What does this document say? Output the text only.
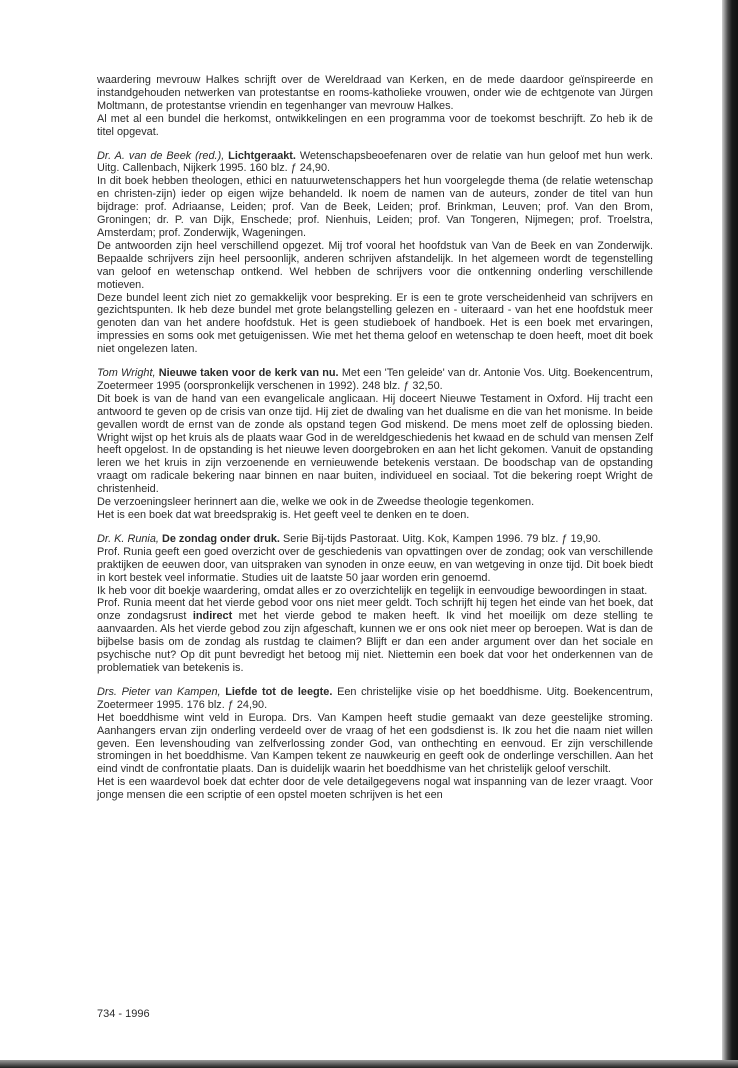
waardering mevrouw Halkes schrijft over de Wereldraad van Kerken, en de mede daardoor geïnspireerde en instandgehouden netwerken van protestantse en rooms-katholieke vrouwen, onder wie de echtgenote van Jürgen Moltmann, de protestantse vriendin en tegenhanger van mevrouw Halkes.

Al met al een bundel die herkomst, ontwikkelingen en een programma voor de toekomst beschrijft. Zo heb ik de titel opgevat.

Dr. A. van de Beek (red.), Lichtgeraakt. Wetenschapsbeoefenaren over de relatie van hun geloof met hun werk. Uitg. Callenbach, Nijkerk 1995. 160 blz. ƒ 24,90.

In dit boek hebben theologen, ethici en natuurwetenschappers het hun voorgelegde thema (de relatie wetenschap en christen-zijn) ieder op eigen wijze behandeld. Ik noem de namen van de auteurs, zonder de titel van hun bijdrage: prof. Adriaanse, Leiden; prof. Van de Beek, Leiden; prof. Brinkman, Leuven; prof. Van den Brom, Groningen; dr. P. van Dijk, Enschede; prof. Nienhuis, Leiden; prof. Van Tongeren, Nijmegen; prof. Troelstra, Amsterdam; prof. Zonderwijk, Wageningen.

De antwoorden zijn heel verschillend opgezet. Mij trof vooral het hoofdstuk van Van de Beek en van Zonderwijk. Bepaalde schrijvers zijn heel persoonlijk, anderen schrijven afstandelijk. In het algemeen wordt de tegenstelling van geloof en wetenschap ontkend. Wel hebben de schrijvers voor die ontkenning onderling verschillende motieven.

Deze bundel leent zich niet zo gemakkelijk voor bespreking. Er is een te grote verscheidenheid van schrijvers en gezichtspunten. Ik heb deze bundel met grote belangstelling gelezen en - uiteraard - van het ene hoofdstuk meer genoten dan van het andere hoofdstuk. Het is geen studieboek of handboek. Het is een boek met ervaringen, impressies en soms ook met getuigenissen. Wie met het thema geloof en wetenschap te doen heeft, moet dit boek niet ongelezen laten.

Tom Wright, Nieuwe taken voor de kerk van nu. Met een 'Ten geleide' van dr. Antonie Vos. Uitg. Boekencentrum, Zoetermeer 1995 (oorspronkelijk verschenen in 1992). 248 blz. ƒ 32,50.

Dit boek is van de hand van een evangelicale anglicaan. Hij doceert Nieuwe Testament in Oxford. Hij tracht een antwoord te geven op de crisis van onze tijd. Hij ziet de dwaling van het dualisme en die van het monisme. In beide gevallen wordt de ernst van de zonde als opstand tegen God miskend. De mens moet zelf de oplossing bieden. Wright wijst op het kruis als de plaats waar God in de wereldgeschiedenis het kwaad en de schuld van mensen Zelf heeft opgelost. In de opstanding is het nieuwe leven doorgebroken en aan het licht gekomen. Vanuit de opstanding leren we het kruis in zijn verzoenende en vernieuwende betekenis verstaan. De boodschap van de opstanding vraagt om radicale bekering naar binnen en naar buiten, individueel en sociaal. Tot die bekering roept Wright de christenheid.

De verzoeningsleer herinnert aan die, welke we ook in de Zweedse theologie tegenkomen.

Het is een boek dat wat breedsprakig is. Het geeft veel te denken en te doen.

Dr. K. Runia, De zondag onder druk. Serie Bij-tijds Pastoraat. Uitg. Kok, Kampen 1996. 79 blz. ƒ 19,90.

Prof. Runia geeft een goed overzicht over de geschiedenis van opvattingen over de zondag; ook van verschillende praktijken de eeuwen door, van uitspraken van synoden in onze eeuw, en van wetgeving in onze tijd. Dit boek biedt in kort bestek veel informatie. Studies uit de laatste 50 jaar worden erin genoemd.

Ik heb voor dit boekje waardering, omdat alles er zo overzichtelijk en tegelijk in eenvoudige bewoordingen in staat.

Prof. Runia meent dat het vierde gebod voor ons niet meer geldt. Toch schrijft hij tegen het einde van het boek, dat onze zondagsrust indirect met het vierde gebod te maken heeft. Ik vind het moeilijk om deze stelling te aanvaarden. Als het vierde gebod zou zijn afgeschaft, kunnen we er ons ook niet meer op beroepen. Wat is dan de bijbelse basis om de zondag als rustdag te claimen? Blijft er dan een ander argument over dan het sociale en psychische nut? Op dit punt bevredigt het betoog mij niet. Niettemin een boek dat voor het onderkennen van de problematiek van betekenis is.

Drs. Pieter van Kampen, Liefde tot de leegte. Een christelijke visie op het boeddhisme. Uitg. Boekencentrum, Zoetermeer 1995. 176 blz. ƒ 24,90.

Het boeddhisme wint veld in Europa. Drs. Van Kampen heeft studie gemaakt van deze geestelijke stroming. Aanhangers ervan zijn onderling verdeeld over de vraag of het een godsdienst is. Ik zou het die naam niet willen geven. Een levenshouding van zelfverlossing zonder God, van onthechting en eenvoud. Er zijn verschillende stromingen in het boeddhisme. Van Kampen tekent ze nauwkeurig en geeft ook de onderlinge verschillen. Aan het eind vindt de confrontatie plaats. Dan is duidelijk waarin het boeddhisme van het christelijk geloof verschilt.

Het is een waardevol boek dat echter door de vele detailgegevens nogal wat inspanning van de lezer vraagt. Voor jonge mensen die een scriptie of een opstel moeten schrijven is het een

734 - 1996
